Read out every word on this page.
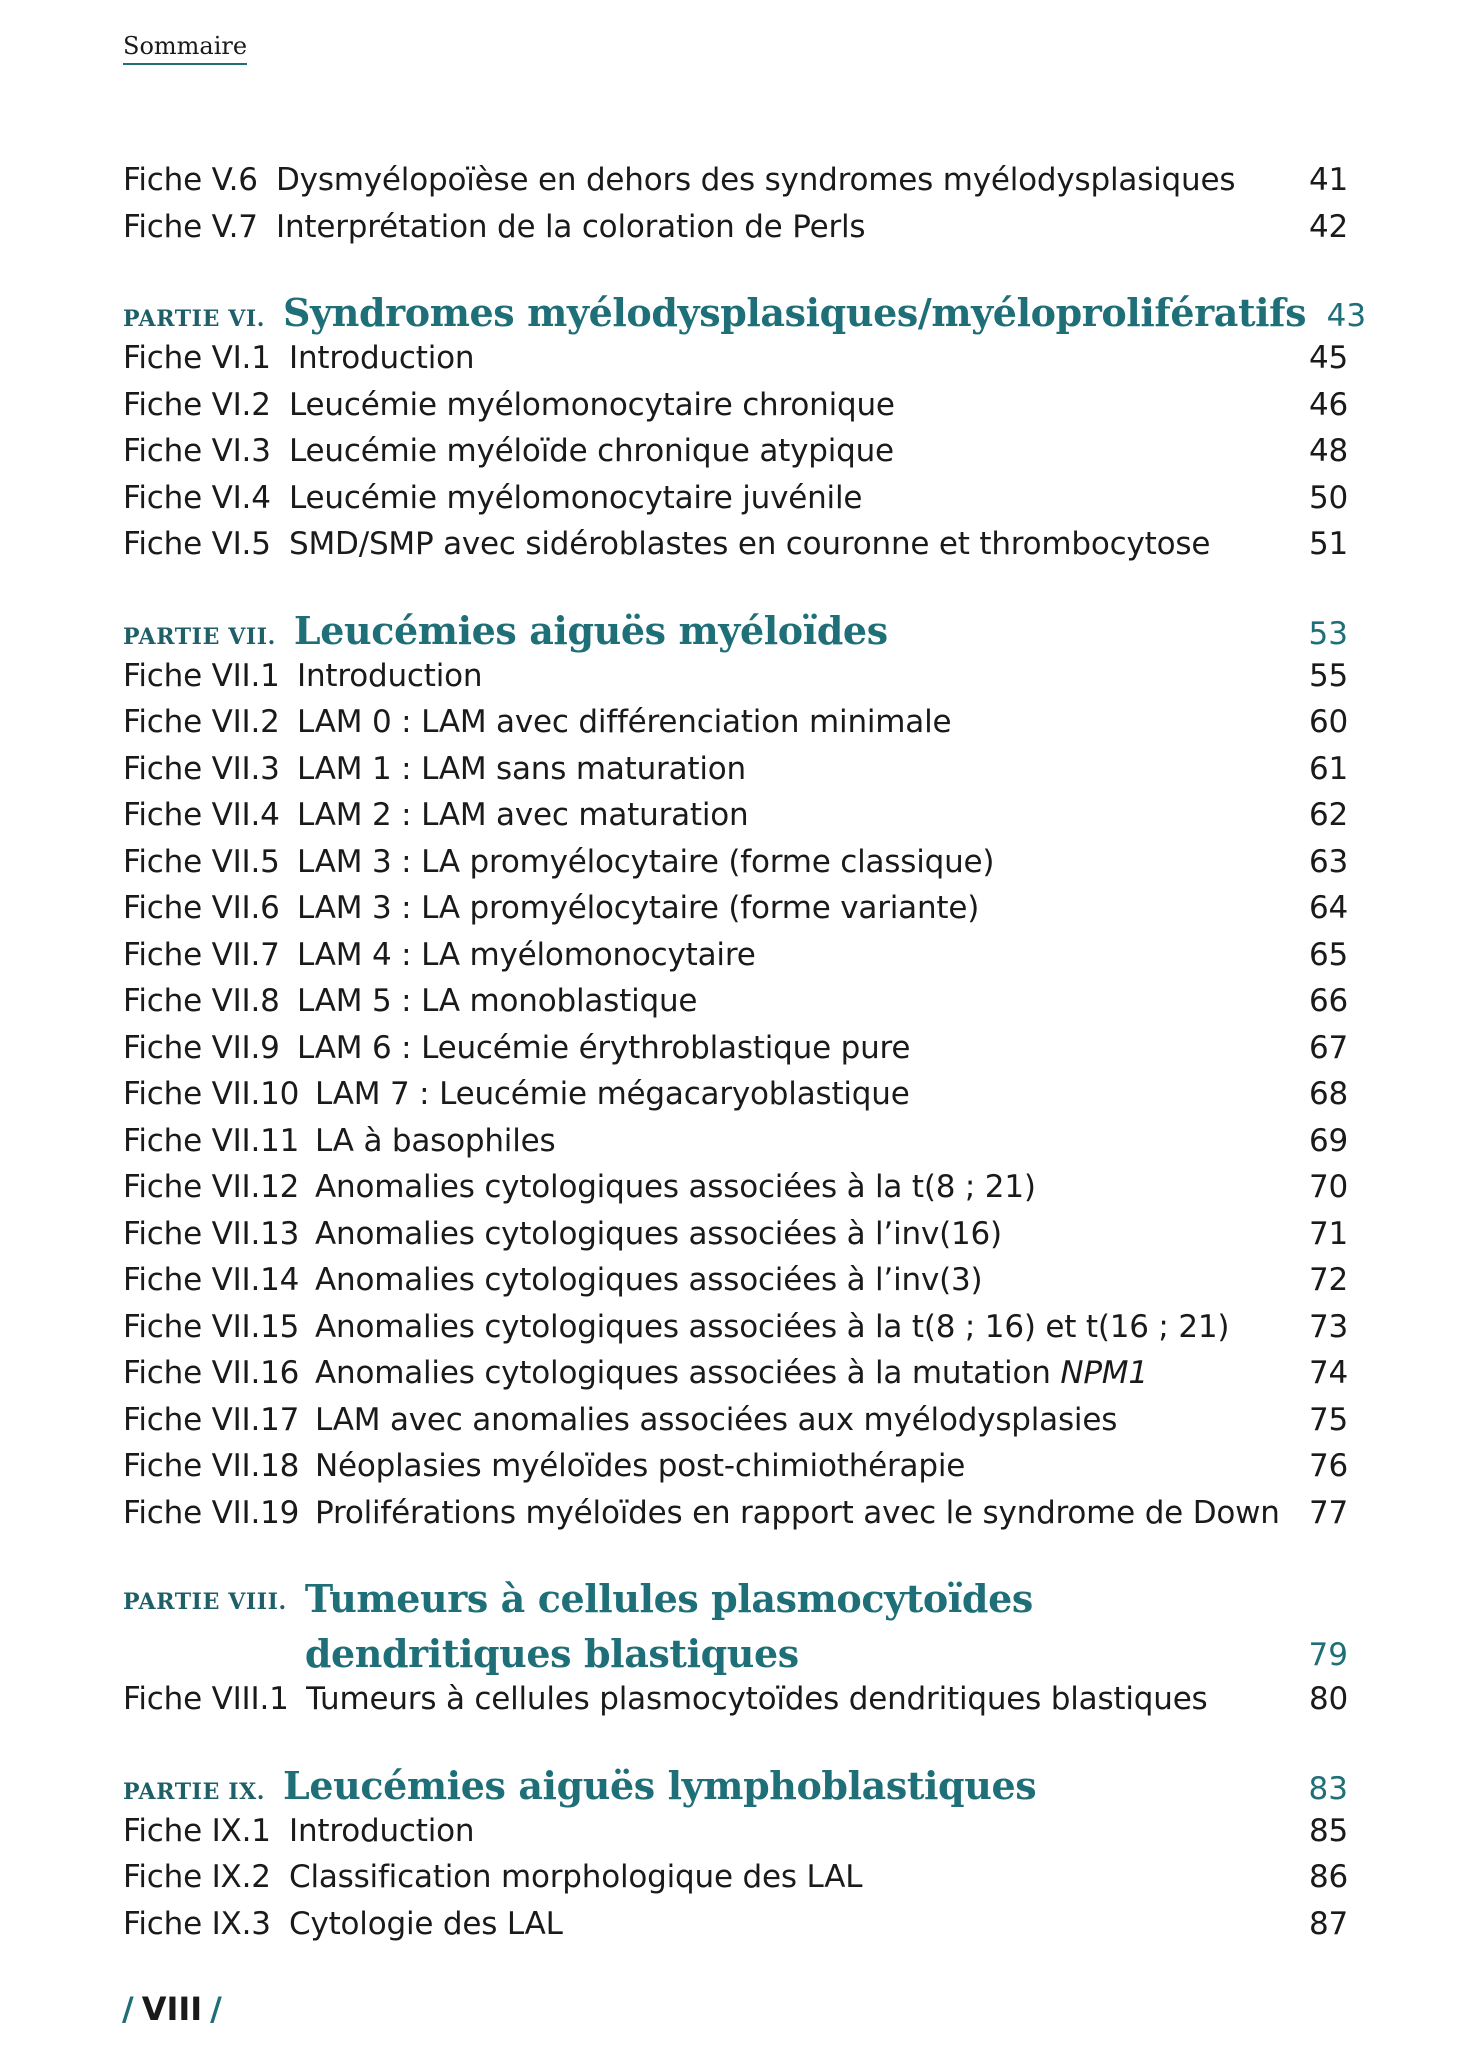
Sommaire
Fiche V.6 Dysmyélopoïèse en dehors des syndromes myélodysplasiques	41
Fiche V.7 Interprétation de la coloration de Perls	42
PARTIE VI. Syndromes myélodysplasiques/myéloprolifératifs 43
Fiche VI.1 Introduction	45
Fiche VI.2 Leucémie myélomonocytaire chronique	46
Fiche VI.3 Leucémie myéloïde chronique atypique	48
Fiche VI.4 Leucémie myélomonocytaire juvénile	50
Fiche VI.5 SMD/SMP avec sidéroblastes en couronne et thrombocytose	51
PARTIE VII. Leucémies aiguës myéloïdes	53
Fiche VII.1 Introduction	55
Fiche VII.2 LAM 0 : LAM avec différenciation minimale	60
Fiche VII.3 LAM 1 : LAM sans maturation	61
Fiche VII.4 LAM 2 : LAM avec maturation	62
Fiche VII.5 LAM 3 : LA promyélocytaire (forme classique)	63
Fiche VII.6 LAM 3 : LA promyélocytaire (forme variante)	64
Fiche VII.7 LAM 4 : LA myélomonocytaire	65
Fiche VII.8 LAM 5 : LA monoblastique	66
Fiche VII.9 LAM 6 : Leucémie érythroblastique pure	67
Fiche VII.10 LAM 7 : Leucémie mégacaryoblastique	68
Fiche VII.11 LA à basophiles	69
Fiche VII.12 Anomalies cytologiques associées à la t(8 ; 21)	70
Fiche VII.13 Anomalies cytologiques associées à l’inv(16)	71
Fiche VII.14 Anomalies cytologiques associées à l’inv(3)	72
Fiche VII.15 Anomalies cytologiques associées à la t(8 ; 16) et t(16 ; 21)	73
Fiche VII.16 Anomalies cytologiques associées à la mutation NPM1	74
Fiche VII.17 LAM avec anomalies associées aux myélodysplasies	75
Fiche VII.18 Néoplasies myéloïdes post-chimiothérapie	76
Fiche VII.19 Proliférations myéloïdes en rapport avec le syndrome de Down 77
PARTIE VIII. Tumeurs à cellules plasmocytoïdes
dendritiques blastiques	79
Fiche VIII.1 Tumeurs à cellules plasmocytoïdes dendritiques blastiques	80
PARTIE IX. Leucémies aiguës lymphoblastiques	83
Fiche IX.1 Introduction	85
Fiche IX.2 Classification morphologique des LAL	86
Fiche IX.3 Cytologie des LAL	87
/ VIII /
